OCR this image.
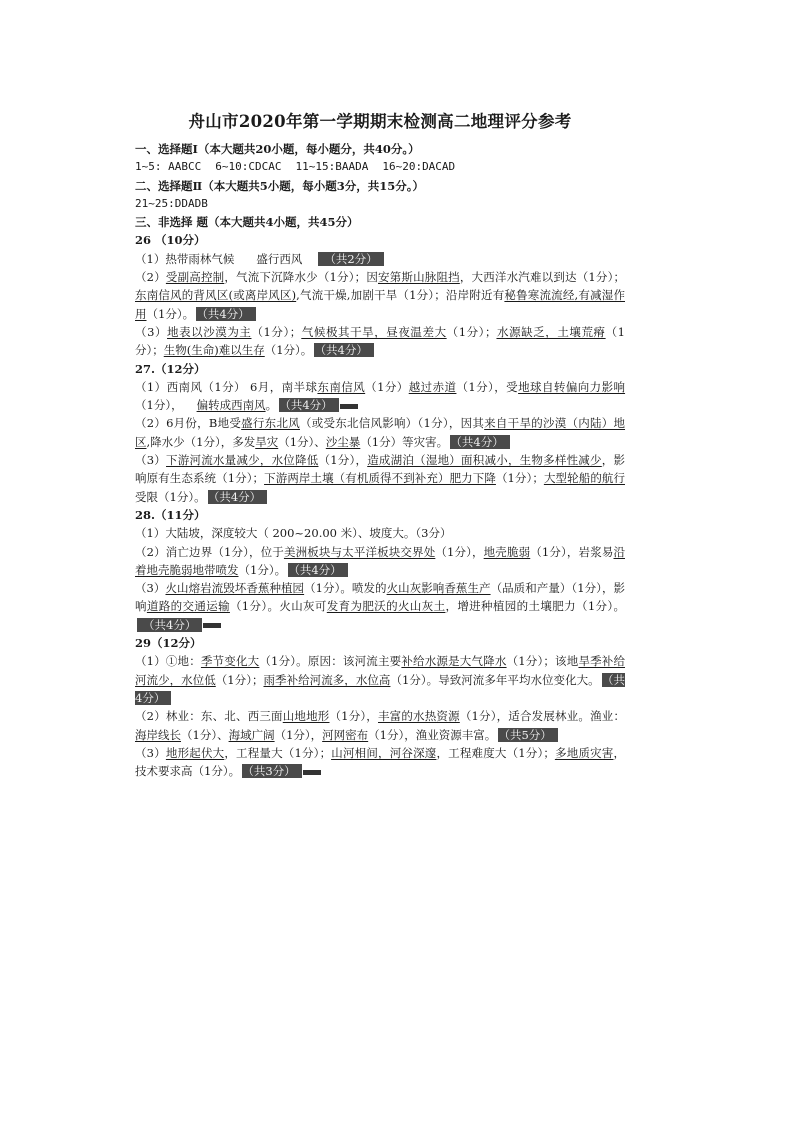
舟山市2020年第一学期期末检测高二地理评分参考
一、选择题Ⅰ（本大题共20小题，每小题分，共40分。）
1~5: AABCC 6~10:CDCAC 11~15:BAADA 16~20:DACAD
二、选择题Ⅱ（本大题共5小题，每小题3分，共15分。）
21~25:DDADB
三、非选择 题（本大题共4小题，共45分）
26 （10分）
（1）热带雨林气候 盛行西风 （共2分）
（2）受副高控制，气流下沉降水少（1分）；因安第斯山脉阻挡，大西洋水汽难以到达（1分）；东南信风的背风区(或离岸风区),气流干燥,加剧干旱（1分）；沿岸附近有秘鲁寒流流经,有减湿作用（1分）。 （共4分）
（3）地表以沙漠为主（1分）；气候极其干旱，昼夜温差大（1分）；水源缺乏，土壤荒瘠（1分）；生物(生命)难以生存（1分）。 （共4分）
27.（12分）
（1）西南风（1分） 6月，南半球东南信风（1分）越过赤道（1分），受地球自转偏向力影响（1分）， 偏转成西南风。 （共4分）
（2）6月份，B地受盛行东北风（或受东北信风影响）（1分），因其来自干旱的沙漠（内陆）地区,降水少（1分），多发旱灾（1分）、沙尘暴（1分）等灾害。 （共4分）
（3）下游河流水量减少，水位降低（1分），造成湖泊（湿地）面积减小，生物多样性减少，影响原有生态系统（1分）；下游两岸土壤（有机质得不到补充）肥力下降（1分）；大型轮船的航行受限（1分）。 （共4分）
28.（11分）
（1）大陆坡，深度较大（ 200~20.00 米）、坡度大。（3分）
（2）消亡边界（1分），位于美洲板块与太平洋板块交界处（1分），地壳脆弱（1分），岩浆易沿着地壳脆弱地带喷发（1分）。 （共4分）
（3）火山熔岩流毁坏香蕉种植园（1分）。喷发的火山灰影响香蕉生产（品质和产量）（1分），影响道路的交通运输（1分）。火山灰可发育为肥沃的火山灰土，增进种植园的土壤肥力（1分）。（共4分）
29（12分）
（1）①地：季节变化大（1分）。原因：该河流主要补给水源是大气降水（1分）；该地旱季补给河流少，水位低（1分）；雨季补给河流多，水位高（1分）。导致河流多年平均水位变化大。 （共4分）
（2）林业：东、北、西三面山地地形（1分），丰富的水热资源（1分），适合发展林业。渔业：海岸线长（1分）、海域广阔（1分），河网密布（1分），渔业资源丰富。 （共5分）
（3）地形起伏大，工程量大（1分）；山河相间，河谷深邃，工程难度大（1分）；多地质灾害，技术要求高（1分）。 （共3分）
